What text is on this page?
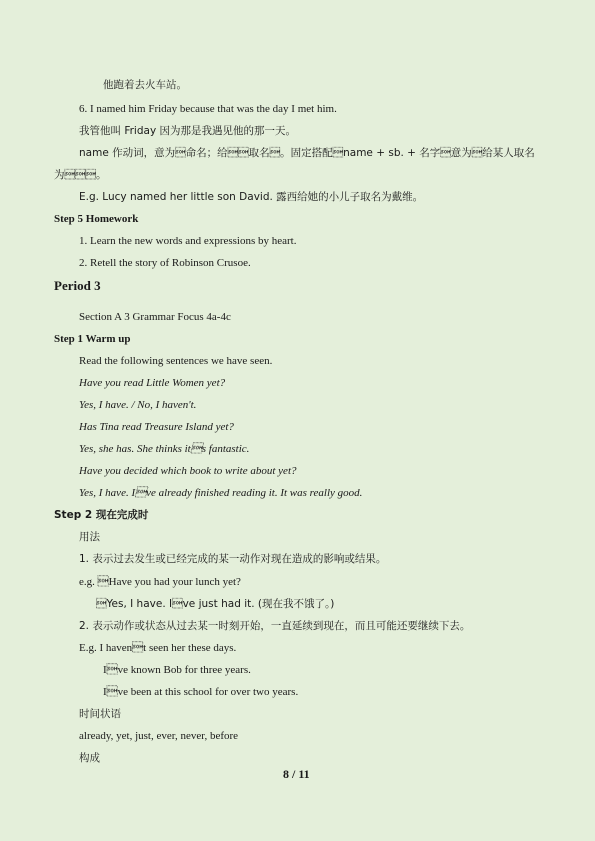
他跑着去火车站。
6. I named him Friday because that was the day I met him.
我管他叫 Friday 因为那是我遇见他的那一天。
name 作动词，意为命名；给取名。固定搭配name + sb. + 名字意为给某人取名
为。
E.g. Lucy named her little son David. 露西给她的小儿子取名为戴维。
Step 5 Homework
1. Learn the new words and expressions by heart.
2. Retell the story of Robinson Crusoe.
Period 3
Section A 3 Grammar Focus 4a-4c
Step 1 Warm up
Read the following sentences we have seen.
Have you read Little Women yet?
Yes, I have. / No, I haven't.
Has Tina read Treasure Island yet?
Yes, she has. She thinks its fantastic.
Have you decided which book to write about yet?
Yes, I have. Ive already finished reading it. It was really good.
Step 2 现在完成时
用法
1. 表示过去发生或已经完成的某一动作对现在造成的影响或结果。
e.g. Have you had your lunch yet?
Yes, I have. Ive just had it. (现在我不饿了。)
2. 表示动作或状态从过去某一时刻开始，一直延续到现在，而且可能还要继续下去。
E.g. I havent seen her these days.
Ive known Bob for three years.
Ive been at this school for over two years.
时间状语
already, yet, just, ever, never, before
构成
8 / 11
